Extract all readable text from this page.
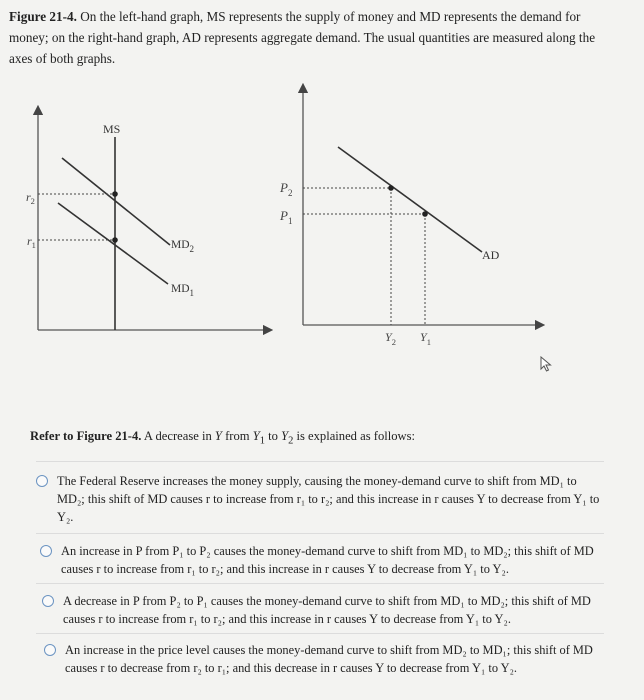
Figure 21-4. On the left-hand graph, MS represents the supply of money and MD represents the demand for money; on the right-hand graph, AD represents aggregate demand. The usual quantities are measured along the axes of both graphs.
MS
$MD_2$
$MD_1$
$r_2$
$r_1$
AD
$P_2$
$P_1$
$Y_2$ $Y_1$
Refer to Figure 21-4. A decrease in Y from $Y_1$ to $Y_2$ is explained as follows:
The Federal Reserve increases the money supply, causing the money-demand curve to shift from MD₁ to MD₂; this shift of MD causes r to increase from r₁ to r₂; and this increase in r causes Y to decrease from Y₁ to Y₂.
An increase in P from P₁ to P₂ causes the money-demand curve to shift from MD₁ to MD₂; this shift of MD causes r to increase from r₁ to r₂; and this increase in r causes Y to decrease from Y₁ to Y₂.
A decrease in P from P₂ to P₁ causes the money-demand curve to shift from MD₁ to MD₂; this shift of MD causes r to increase from r₁ to r₂; and this increase in r causes Y to decrease from Y₁ to Y₂.
An increase in the price level causes the money-demand curve to shift from MD₂ to MD₁; this shift of MD causes r to decrease from r₂ to r₁; and this decrease in r causes Y to decrease from Y₁ to Y₂.
